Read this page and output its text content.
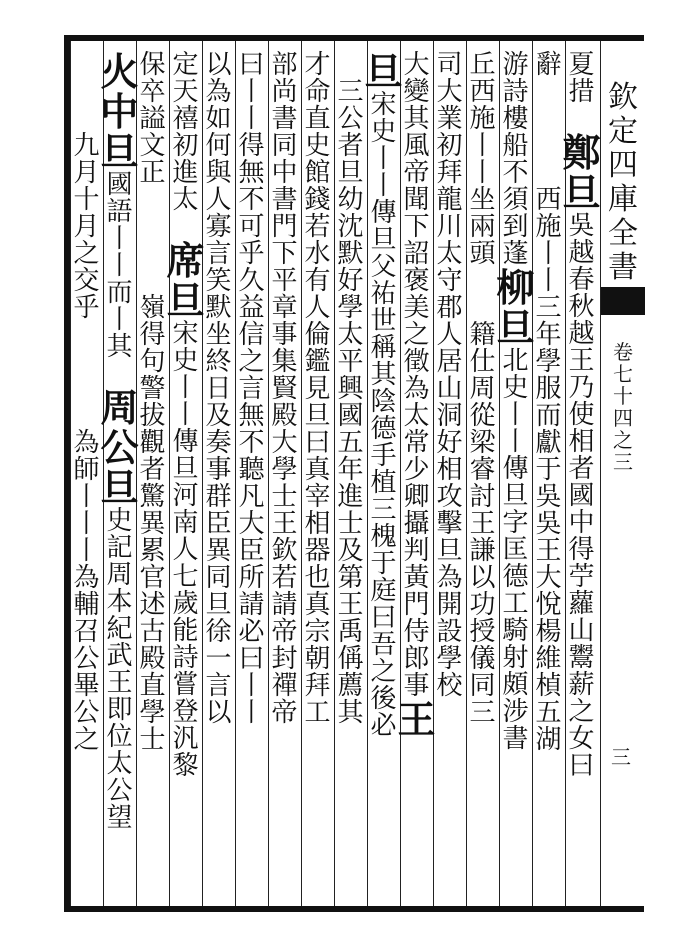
夏
措
鄭
旦
吳
越
春
秋
越
王
乃
使
相
者
國
中
得
苧
蘿
山
鬻
薪
之
女
曰
辭
西
施
丨
丨
三
年
學
服
而
獻
于
吳
吳
王
大
悅
楊
維
楨
五
湖
游
詩
樓
船
不
須
到
蓬
柳
旦
北
史
丨
丨
傳
旦
字
匡
德
工
騎
射
頗
涉
書
丘
西
施
丨
丨
坐
兩
頭
籍
仕
周
從
梁
睿
討
王
謙
以
功
授
儀
同
三
司
大
業
初
拜
龍
川
太
守
郡
人
居
山
洞
好
相
攻
擊
旦
為
開
設
學
校
大
變
其
風
帝
聞
下
詔
褒
美
之
徵
為
太
常
少
卿
攝
判
黃
門
侍
郎
事
王
旦
宋
史
丨
丨
傳
旦
父
祐
世
稱
其
陰
德
手
植
三
槐
于
庭
曰
吾
之
後
必
三
公
者
旦
幼
沈
默
好
學
太
平
興
國
五
年
進
士
及
第
王
禹
偁
薦
其
才
命
直
史
館
錢
若
水
有
人
倫
鑑
見
旦
曰
真
宰
相
器
也
真
宗
朝
拜
工
部
尚
書
同
中
書
門
下
平
章
事
集
賢
殿
大
學
士
王
欽
若
請
帝
封
禪
帝
曰
丨
丨
得
無
不
可
乎
久
益
信
之
言
無
不
聽
凡
大
臣
所
請
必
曰
丨
丨
以
為
如
何
與
人
寡
言
笑
默
坐
終
日
及
奏
事
群
臣
異
同
旦
徐
一
言
以
定
天
禧
初
進
太
席
旦
宋
史
丨
丨
傳
旦
河
南
人
七
歲
能
詩
嘗
登
汎
黎
保
卒
謚
文
正
嶺
得
句
警
拔
觀
者
驚
異
累
官
述
古
殿
直
學
士
火
中
旦
國
語
丨
丨
而
丨
其
周
公
旦
史
記
周
本
紀
武
王
即
位
太
公
望
九
月
十
月
之
交
乎
為
師
丨
丨
丨
為
輔
召
公
畢
公
之
欽
定
四
庫
全
書
卷
七
十
四
之
三
三
